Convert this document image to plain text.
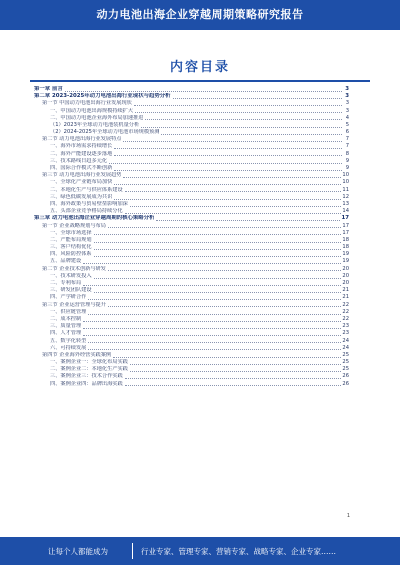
动力电池出海企业穿越周期策略研究报告
内容目录
第一章 前言	3
第二章 2023-2025年动力电池出海行业现状与趋势分析	3
第一节 中国动力电池出海行业发展现状	3
一、中国动力电池出海规模持续扩大	3
二、中国动力电池企业海外布局加速推进	4
（1）2023年全球动力电池装机量分析	5
（2）2024-2025年全球动力电池市场规模预测	6
第二节 动力电池出海行业发展特点	7
一、海外市场需求持续增长	7
二、海外产能建设逐步落地	8
三、技术路线日趋多元化	9
四、国际合作模式不断创新	9
第三节 动力电池出海行业发展趋势	10
一、全球化产业链布局加快	10
二、本地化生产与供应体系建设	11
三、绿色低碳发展成为共识	12
四、海外政策与贸易壁垒影响加深	13
五、头部企业竞争格局持续分化	14
第三章 动力电池出海企业穿越周期的核心策略分析	17
第一节 企业战略规划与布局	17
一、全球市场选择	17
二、产能布局规划	18
三、客户结构优化	18
四、风险防控体系	19
五、品牌建设	19
第二节 企业技术创新与研发	20
一、技术研发投入	20
二、专利布局	20
三、研发团队建设	21
四、产学研合作	21
第三节 企业运营管理与提升	22
一、供应链管理	22
二、成本控制	22
三、质量管理	23
四、人才管理	23
五、数字化转型	24
六、可持续发展	24
第四节 企业海外经营实践案例	25
一、案例企业一：全球化布局实践	25
二、案例企业二：本地化生产实践	25
三、案例企业三：技术合作实践	26
四、案例企业四：品牌出海实践	26
1
让每个人都能成为	行业专家、管理专家、营销专家、战略专家、企业专家……
